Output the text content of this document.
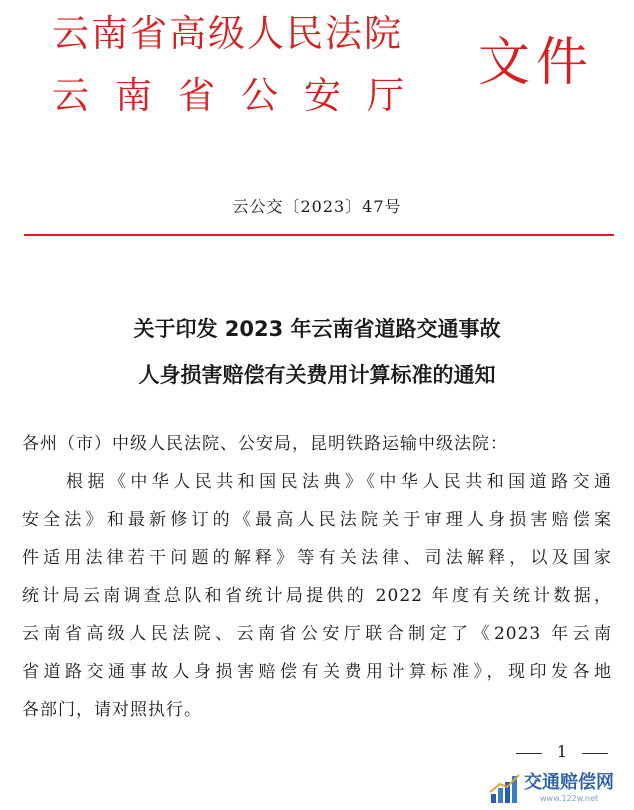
云南省高级人民法院
云南省公安厅
文件
云公交〔2023〕47号
关于印发 2023 年云南省道路交通事故
人身损害赔偿有关费用计算标准的通知
各州（市）中级人民法院、公安局，昆明铁路运输中级法院：
根据《中华人民共和国民法典》《中华人民共和国道路交通
安全法》和最新修订的《最高人民法院关于审理人身损害赔偿案
件适用法律若干问题的解释》等有关法律、司法解释，以及国家
统计局云南调查总队和省统计局提供的 2022 年度有关统计数据，
云南省高级人民法院、云南省公安厅联合制定了《2023 年云南
省道路交通事故人身损害赔偿有关费用计算标准》，现印发各地
各部门，请对照执行。
1
交通赔偿网
www.122w.net
